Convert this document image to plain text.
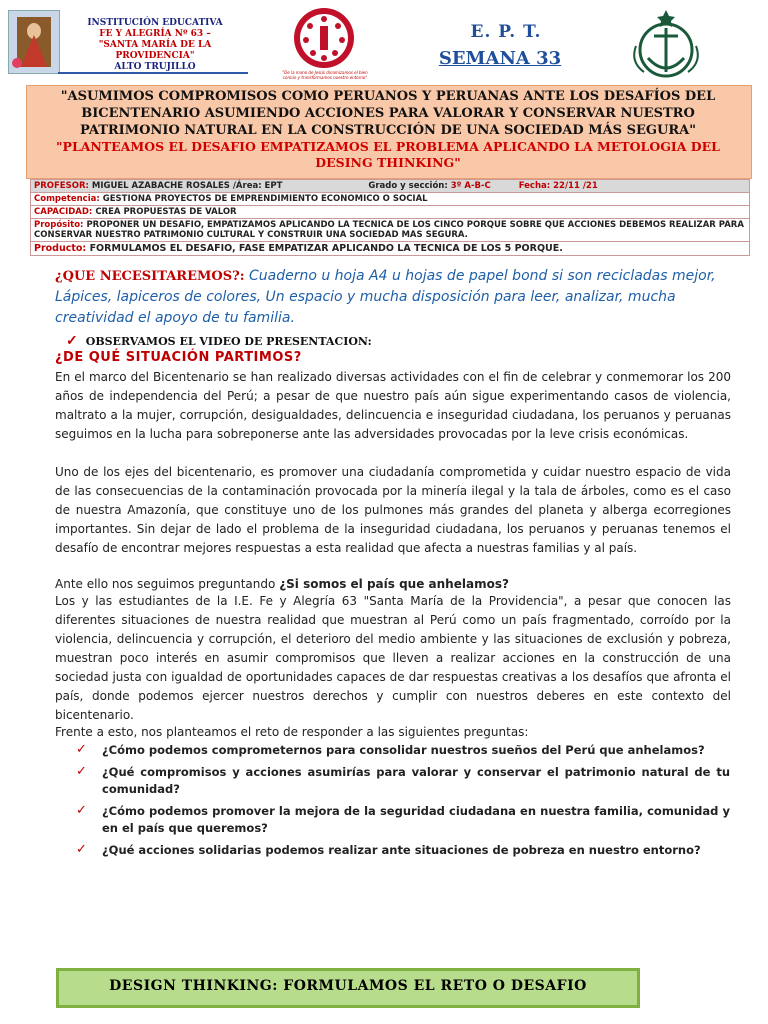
INSTITUCIÓN EDUCATIVA
FE Y ALEGRÍA Nº 63 –
"SANTA MARÍA DE LA PROVIDENCIA"
ALTO TRUJILLO
"De la mano de Jesús dinamizamos el bien común y transformamos nuestro entorno"
E. P. T.
SEMANA 33
"ASUMIMOS COMPROMISOS COMO PERUANOS Y PERUANAS ANTE LOS DESAFÍOS DEL BICENTENARIO ASUMIENDO ACCIONES PARA VALORAR Y CONSERVAR NUESTRO PATRIMONIO NATURAL EN LA CONSTRUCCIÓN DE UNA SOCIEDAD MÁS SEGURA"
"PLANTEAMOS EL DESAFIO EMPATIZAMOS EL PROBLEMA APLICANDO LA METOLOGIA DEL DESING THINKING"
PROFESOR: MIGUEL AZABACHE ROSALES /Área: EPT	Grado y sección: 3º A-B-C	Fecha: 22/11 /21
Competencia: GESTIONA PROYECTOS DE EMPRENDIMIENTO ECONOMICO O SOCIAL
CAPACIDAD: CREA PROPUESTAS DE VALOR
Propósito: PROPONER UN DESAFIO, EMPATIZAMOS APLICANDO LA TECNICA DE LOS CINCO PORQUE SOBRE QUE ACCIONES DEBEMOS REALIZAR PARA CONSERVAR NUESTRO PATRIMONIO CULTURAL Y CONSTRUIR UNA SOCIEDAD MAS SEGURA.
Producto: FORMULAMOS EL DESAFIO, FASE EMPATIZAR APLICANDO LA TECNICA DE LOS 5 PORQUE.
¿QUE NECESITAREMOS?: Cuaderno u hoja A4 u hojas de papel bond si son recicladas mejor, Lápices, lapiceros de colores, Un espacio y mucha disposición para leer, analizar, mucha creatividad el apoyo de tu familia.
✓ OBSERVAMOS EL VIDEO DE PRESENTACION:
¿DE QUÉ SITUACIÓN PARTIMOS?
En el marco del Bicentenario se han realizado diversas actividades con el fin de celebrar y conmemorar los 200 años de independencia del Perú; a pesar de que nuestro país aún sigue experimentando casos de violencia, maltrato a la mujer, corrupción, desigualdades, delincuencia e inseguridad ciudadana, los peruanos y peruanas seguimos en la lucha para sobreponerse ante las adversidades provocadas por la leve crisis económicas.
Uno de los ejes del bicentenario, es promover una ciudadanía comprometida y cuidar nuestro espacio de vida de las consecuencias de la contaminación provocada por la minería ilegal y la tala de árboles, como es el caso de nuestra Amazonía, que constituye uno de los pulmones más grandes del planeta y alberga ecorregiones importantes. Sin dejar de lado el problema de la inseguridad ciudadana, los peruanos y peruanas tenemos el desafío de encontrar mejores respuestas a esta realidad que afecta a nuestras familias y al país.
Ante ello nos seguimos preguntando ¿Si somos el país que anhelamos?
Los y las estudiantes de la I.E. Fe y Alegría 63 "Santa María de la Providencia", a pesar que conocen las diferentes situaciones de nuestra realidad que muestran al Perú como un país fragmentado, corroído por la violencia, delincuencia y corrupción, el deterioro del medio ambiente y las situaciones de exclusión y pobreza, muestran poco interés en asumir compromisos que lleven a realizar acciones en la construcción de una sociedad justa con igualdad de oportunidades capaces de dar respuestas creativas a los desafíos que afronta el país, donde podemos ejercer nuestros derechos y cumplir con nuestros deberes en este contexto del bicentenario.
Frente a esto, nos planteamos el reto de responder a las siguientes preguntas:
✓ ¿Cómo podemos comprometernos para consolidar nuestros sueños del Perú que anhelamos?
✓ ¿Qué compromisos y acciones asumirías para valorar y conservar el patrimonio natural de tu comunidad?
✓ ¿Cómo podemos promover la mejora de la seguridad ciudadana en nuestra familia, comunidad y en el país que queremos?
✓ ¿Qué acciones solidarias podemos realizar ante situaciones de pobreza en nuestro entorno?
DESIGN THINKING: FORMULAMOS EL RETO O DESAFIO
